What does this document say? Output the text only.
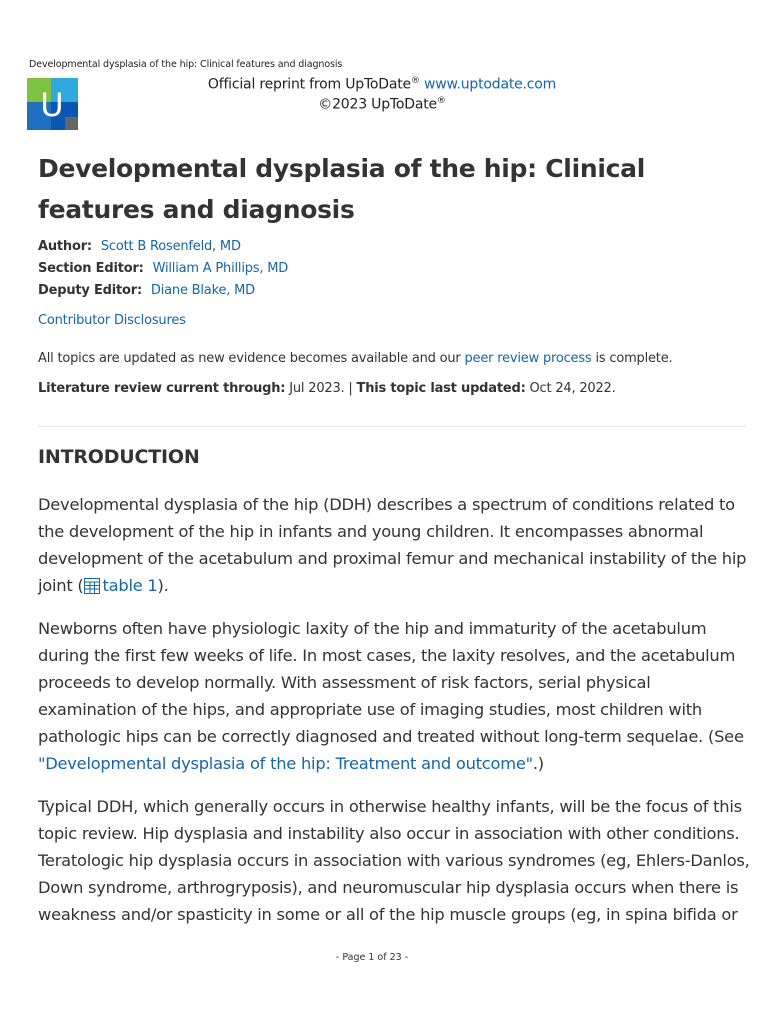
Developmental dysplasia of the hip: Clinical features and diagnosis
U
Official reprint from UpToDate® www.uptodate.com
©2023 UpToDate®
Developmental dysplasia of the hip: Clinical features and diagnosis
Author: Scott B Rosenfeld, MD
Section Editor: William A Phillips, MD
Deputy Editor: Diane Blake, MD
Contributor Disclosures
All topics are updated as new evidence becomes available and our peer review process is complete.
Literature review current through: Jul 2023. | This topic last updated: Oct 24, 2022.
INTRODUCTION

Developmental dysplasia of the hip (DDH) describes a spectrum of conditions related to the development of the hip in infants and young children. It encompasses abnormal development of the acetabulum and proximal femur and mechanical instability of the hip joint ( table 1).

Newborns often have physiologic laxity of the hip and immaturity of the acetabulum during the first few weeks of life. In most cases, the laxity resolves, and the acetabulum proceeds to develop normally. With assessment of risk factors, serial physical examination of the hips, and appropriate use of imaging studies, most children with pathologic hips can be correctly diagnosed and treated without long-term sequelae. (See "Developmental dysplasia of the hip: Treatment and outcome".)

Typical DDH, which generally occurs in otherwise healthy infants, will be the focus of this topic review. Hip dysplasia and instability also occur in association with other conditions. Teratologic hip dysplasia occurs in association with various syndromes (eg, Ehlers-Danlos, Down syndrome, arthrogryposis), and neuromuscular hip dysplasia occurs when there is weakness and/or spasticity in some or all of the hip muscle groups (eg, in spina bifida or

- Page 1 of 23 -
